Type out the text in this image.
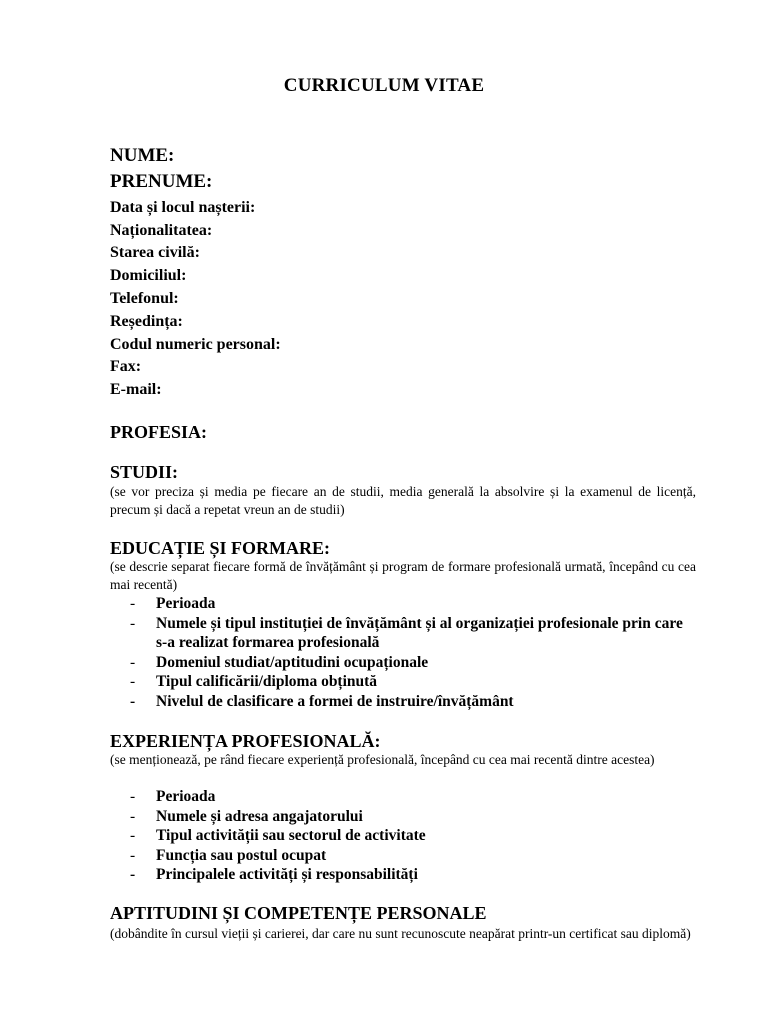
CURRICULUM VITAE
NUME:
PRENUME:
Data și locul nașterii:
Naționalitatea:
Starea civilă:
Domiciliul:
Telefonul:
Reședința:
Codul numeric personal:
Fax:
E-mail:
PROFESIA:
STUDII:
(se vor preciza și media pe fiecare an de studii, media generală la absolvire și la examenul de licență, precum și dacă a repetat vreun an de studii)
EDUCAȚIE ȘI FORMARE:
(se descrie separat fiecare formă de învățământ și program de formare profesională urmată, începând cu cea mai recentă)
- Perioada
- Numele și tipul instituției de învățământ și al organizației profesionale prin care s-a realizat formarea profesională
- Domeniul studiat/aptitudini ocupaționale
- Tipul calificării/diploma obținută
- Nivelul de clasificare a formei de instruire/învățământ
EXPERIENȚA PROFESIONALĂ:
(se menționează, pe rând fiecare experiență profesională, începând cu cea mai recentă dintre acestea)
- Perioada
- Numele și adresa angajatorului
- Tipul activității sau sectorul de activitate
- Funcția sau postul ocupat
- Principalele activități și responsabilități
APTITUDINI ȘI COMPETENȚE PERSONALE
(dobândite în cursul vieții și carierei, dar care nu sunt recunoscute neapărat printr-un certificat sau diplomă)
